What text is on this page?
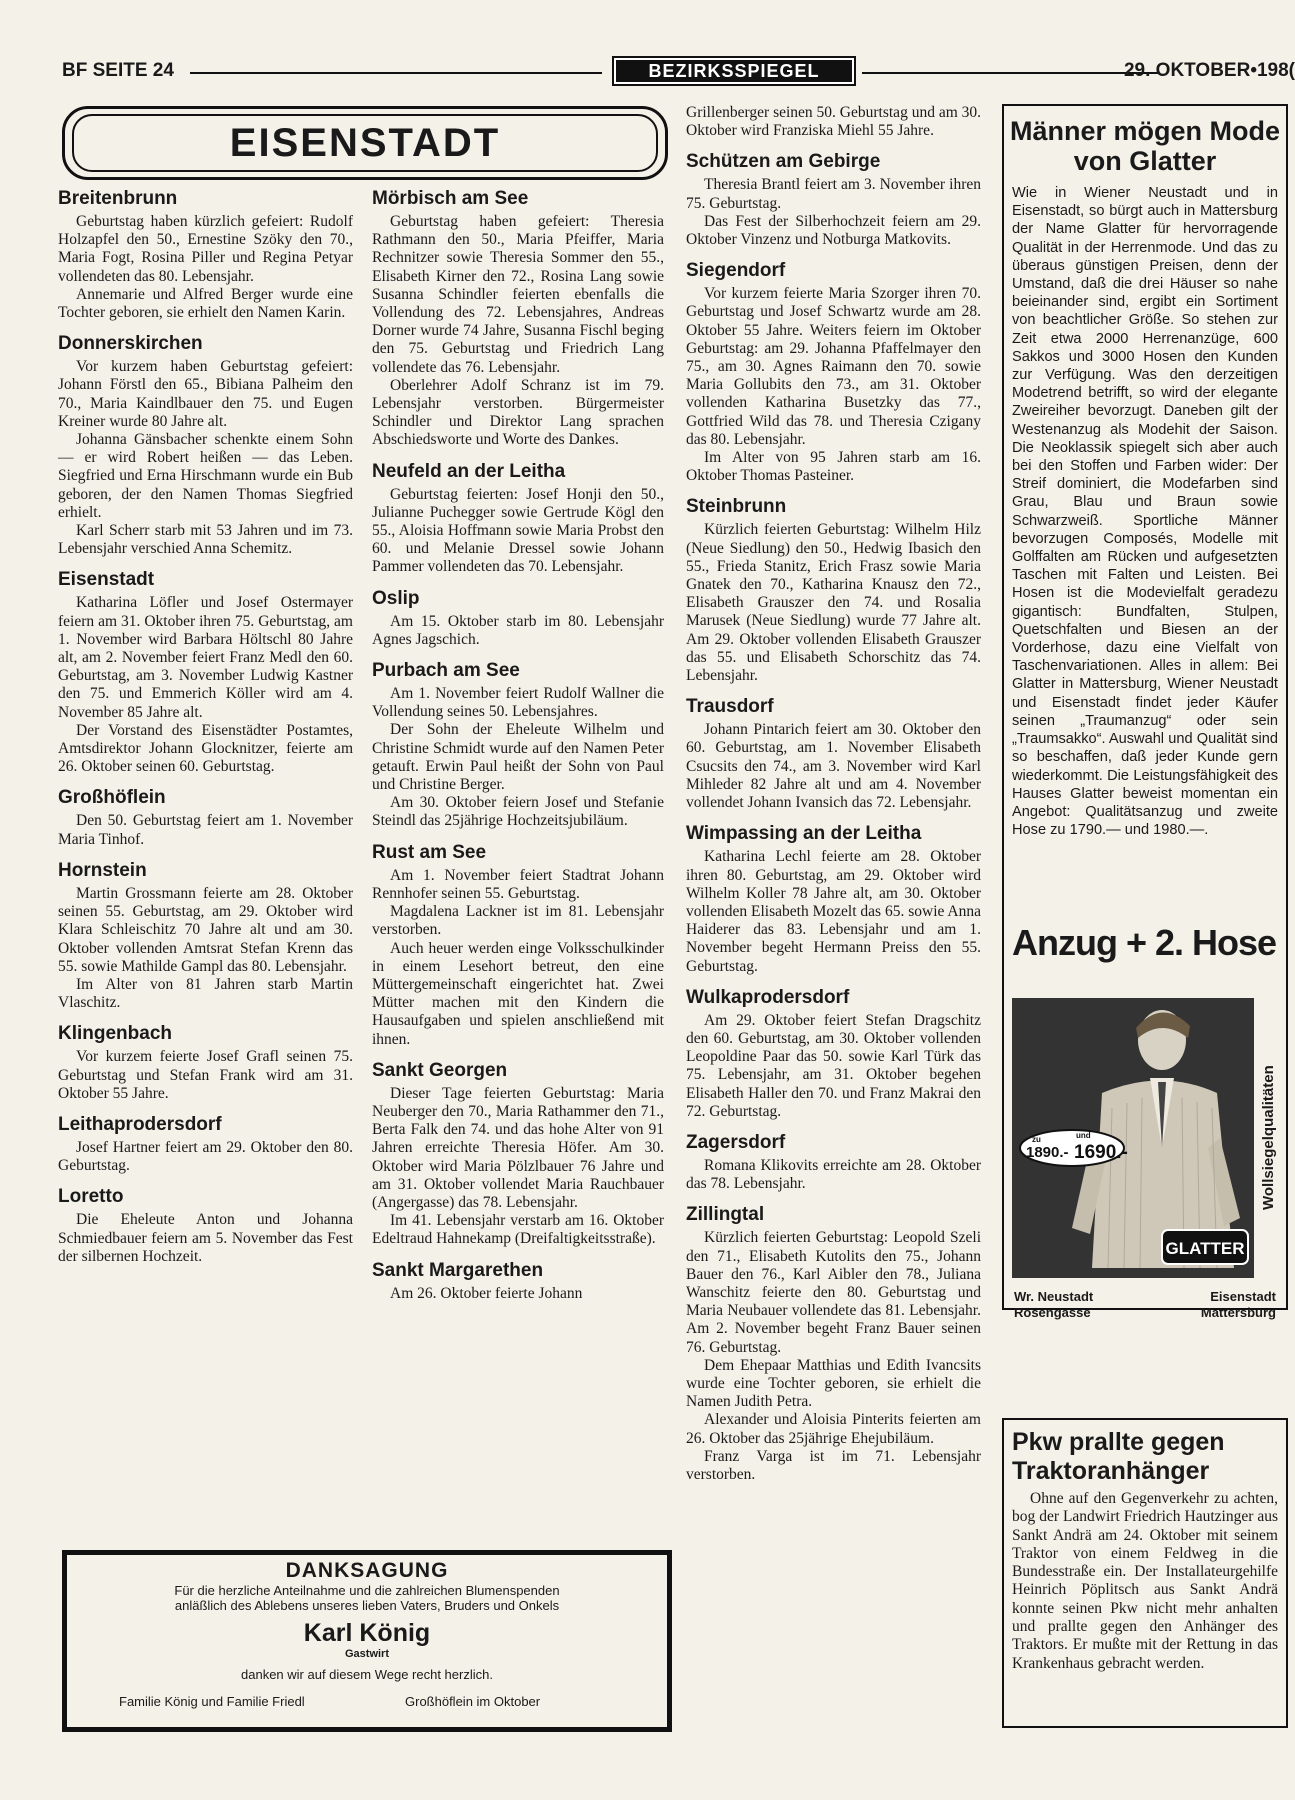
BF SEITE 24	BEZIRKSSPIEGEL	29. OKTOBER•198(
EISENSTADT
Breitenbrunn

Geburtstag haben kürzlich gefeiert: Rudolf Holzapfel den 50., Ernestine Szöky den 70., Maria Fogt, Rosina Piller und Regina Petyar vollendeten das 80. Lebensjahr.

Annemarie und Alfred Berger wurde eine Tochter geboren, sie erhielt den Namen Karin.

Donnerskirchen

Vor kurzem haben Geburtstag gefeiert: Johann Förstl den 65., Bibiana Palheim den 70., Maria Kaindlbauer den 75. und Eugen Kreiner wurde 80 Jahre alt.

Johanna Gänsbacher schenkte einem Sohn — er wird Robert heißen — das Leben. Siegfried und Erna Hirschmann wurde ein Bub geboren, der den Namen Thomas Siegfried erhielt.

Karl Scherr starb mit 53 Jahren und im 73. Lebensjahr verschied Anna Schemitz.

Eisenstadt

Katharina Löfler und Josef Ostermayer feiern am 31. Oktober ihren 75. Geburtstag, am 1. November wird Barbara Höltschl 80 Jahre alt, am 2. November feiert Franz Medl den 60. Geburtstag, am 3. November Ludwig Kastner den 75. und Emmerich Köller wird am 4. November 85 Jahre alt.

Der Vorstand des Eisenstädter Postamtes, Amtsdirektor Johann Glocknitzer, feierte am 26. Oktober seinen 60. Geburtstag.

Großhöflein

Den 50. Geburtstag feiert am 1. November Maria Tinhof.

Hornstein

Martin Grossmann feierte am 28. Oktober seinen 55. Geburtstag, am 29. Oktober wird Klara Schleischitz 70 Jahre alt und am 30. Oktober vollenden Amtsrat Stefan Krenn das 55. sowie Mathilde Gampl das 80. Lebensjahr.

Im Alter von 81 Jahren starb Martin Vlaschitz.

Klingenbach

Vor kurzem feierte Josef Grafl seinen 75. Geburtstag und Stefan Frank wird am 31. Oktober 55 Jahre.

Leithaprodersdorf

Josef Hartner feiert am 29. Oktober den 80. Geburtstag.

Loretto

Die Eheleute Anton und Johanna Schmiedbauer feiern am 5. November das Fest der silbernen Hochzeit.

Mörbisch am See

Geburtstag haben gefeiert: Theresia Rathmann den 50., Maria Pfeiffer, Maria Rechnitzer sowie Theresia Sommer den 55., Elisabeth Kirner den 72., Rosina Lang sowie Susanna Schindler feierten ebenfalls die Vollendung des 72. Lebensjahres, Andreas Dorner wurde 74 Jahre, Susanna Fischl beging den 75. Geburtstag und Friedrich Lang vollendete das 76. Lebensjahr.

Oberlehrer Adolf Schranz ist im 79. Lebensjahr verstorben. Bürgermeister Schindler und Direktor Lang sprachen Abschiedsworte und Worte des Dankes.

Neufeld an der Leitha

Geburtstag feierten: Josef Honji den 50., Julianne Puchegger sowie Gertrude Kögl den 55., Aloisia Hoffmann sowie Maria Probst den 60. und Melanie Dressel sowie Johann Pammer vollendeten das 70. Lebensjahr.

Oslip

Am 15. Oktober starb im 80. Lebensjahr Agnes Jagschich.

Purbach am See

Am 1. November feiert Rudolf Wallner die Vollendung seines 50. Lebensjahres.

Der Sohn der Eheleute Wilhelm und Christine Schmidt wurde auf den Namen Peter getauft. Erwin Paul heißt der Sohn von Paul und Christine Berger.

Am 30. Oktober feiern Josef und Stefanie Steindl das 25jährige Hochzeitsjubiläum.

Rust am See

Am 1. November feiert Stadtrat Johann Rennhofer seinen 55. Geburtstag.

Magdalena Lackner ist im 81. Lebensjahr verstorben.

Auch heuer werden einge Volksschulkinder in einem Lesehort betreut, den eine Müttergemeinschaft eingerichtet hat. Zwei Mütter machen mit den Kindern die Hausaufgaben und spielen anschließend mit ihnen.

Sankt Georgen

Dieser Tage feierten Geburtstag: Maria Neuberger den 70., Maria Rathammer den 71., Berta Falk den 74. und das hohe Alter von 91 Jahren erreichte Theresia Höfer. Am 30. Oktober wird Maria Pölzlbauer 76 Jahre und am 31. Oktober vollendet Maria Rauchbauer (Angergasse) das 78. Lebensjahr.

Im 41. Lebensjahr verstarb am 16. Oktober Edeltraud Hahnekamp (Dreifaltigkeitsstraße).

Sankt Margarethen

Am 26. Oktober feierte Johann

Grillenberger seinen 50. Geburtstag und am 30. Oktober wird Franziska Miehl 55 Jahre.

Schützen am Gebirge

Theresia Brantl feiert am 3. November ihren 75. Geburtstag.

Das Fest der Silberhochzeit feiern am 29. Oktober Vinzenz und Notburga Matkovits.

Siegendorf

Vor kurzem feierte Maria Szorger ihren 70. Geburtstag und Josef Schwartz wurde am 28. Oktober 55 Jahre. Weiters feiern im Oktober Geburtstag: am 29. Johanna Pfaffelmayer den 75., am 30. Agnes Raimann den 70. sowie Maria Gollubits den 73., am 31. Oktober vollenden Katharina Busetzky das 77., Gottfried Wild das 78. und Theresia Czigany das 80. Lebensjahr.

Im Alter von 95 Jahren starb am 16. Oktober Thomas Pasteiner.

Steinbrunn

Kürzlich feierten Geburtstag: Wilhelm Hilz (Neue Siedlung) den 50., Hedwig Ibasich den 55., Frieda Stanitz, Erich Frasz sowie Maria Gnatek den 70., Katharina Knausz den 72., Elisabeth Grauszer den 74. und Rosalia Marusek (Neue Siedlung) wurde 77 Jahre alt. Am 29. Oktober vollenden Elisabeth Grauszer das 55. und Elisabeth Schorschitz das 74. Lebensjahr.

Trausdorf

Johann Pintarich feiert am 30. Oktober den 60. Geburtstag, am 1. November Elisabeth Csucsits den 74., am 3. November wird Karl Mihleder 82 Jahre alt und am 4. November vollendet Johann Ivansich das 72. Lebensjahr.

Wimpassing an der Leitha

Katharina Lechl feierte am 28. Oktober ihren 80. Geburtstag, am 29. Oktober wird Wilhelm Koller 78 Jahre alt, am 30. Oktober vollenden Elisabeth Mozelt das 65. sowie Anna Haiderer das 83. Lebensjahr und am 1. November begeht Hermann Preiss den 55. Geburtstag.

Wulkaprodersdorf

Am 29. Oktober feiert Stefan Dragschitz den 60. Geburtstag, am 30. Oktober vollenden Leopoldine Paar das 50. sowie Karl Türk das 75. Lebensjahr, am 31. Oktober begehen Elisabeth Haller den 70. und Franz Makrai den 72. Geburtstag.

Zagersdorf

Romana Klikovits erreichte am 28. Oktober das 78. Lebensjahr.

Zillingtal

Kürzlich feierten Geburtstag: Leopold Szeli den 71., Elisabeth Kutolits den 75., Johann Bauer den 76., Karl Aibler den 78., Juliana Wanschitz feierte den 80. Geburtstag und Maria Neubauer vollendete das 81. Lebensjahr. Am 2. November begeht Franz Bauer seinen 76. Geburtstag.

Dem Ehepaar Matthias und Edith Ivancsits wurde eine Tochter geboren, sie erhielt die Namen Judith Petra.

Alexander und Aloisia Pinterits feierten am 26. Oktober das 25jährige Ehejubiläum.

Franz Varga ist im 71. Lebensjahr verstorben.

DANKSAGUNG
Für die herzliche Anteilnahme und die zahlreichen Blumenspenden
anläßlich des Ablebens unseres lieben Vaters, Bruders und Onkels
Karl König
Gastwirt
danken wir auf diesem Wege recht herzlich.
Familie König und Familie Friedl	Großhöflein im Oktober
Männer mögen Mode von Glatter
Wie in Wiener Neustadt und in Eisenstadt, so bürgt auch in Mattersburg der Name Glatter für hervorragende Qualität in der Herrenmode. Und das zu überaus günstigen Preisen, denn der Umstand, daß die drei Häuser so nahe beieinander sind, ergibt ein Sortiment von beachtlicher Größe. So stehen zur Zeit etwa 2000 Herrenanzüge, 600 Sakkos und 3000 Hosen den Kunden zur Verfügung. Was den derzeitigen Modetrend betrifft, so wird der elegante Zweireiher bevorzugt. Daneben gilt der Westenanzug als Modehit der Saison. Die Neoklassik spiegelt sich aber auch bei den Stoffen und Farben wider: Der Streif dominiert, die Modefarben sind Grau, Blau und Braun sowie Schwarzweiß. Sportliche Männer bevorzugen Composés, Modelle mit Golffalten am Rücken und aufgesetzten Taschen mit Falten und Leisten. Bei Hosen ist die Modevielfalt geradezu gigantisch: Bundfalten, Stulpen, Quetschfalten und Biesen an der Vorderhose, dazu eine Vielfalt von Taschenvariationen. Alles in allem: Bei Glatter in Mattersburg, Wiener Neustadt und Eisenstadt findet jeder Käufer seinen „Traumanzug“ oder sein „Traumsakko“. Auswahl und Qualität sind so beschaffen, daß jeder Kunde gern wiederkommt. Die Leistungsfähigkeit des Hauses Glatter beweist momentan ein Angebot: Qualitätsanzug und zweite Hose zu 1790.— und 1980.—.
Anzug + 2. Hose
GLATTER
zu	und
1890.- 1690.-	Wollsiegelqualitäten
Wr. Neustadt
Rosengasse
Eisenstadt
Mattersburg
Pkw prallte gegen Traktoranhänger
Ohne auf den Gegenverkehr zu achten, bog der Landwirt Friedrich Hautzinger aus Sankt Andrä am 24. Oktober mit seinem Traktor von einem Feldweg in die Bundesstraße ein. Der Installateurgehilfe Heinrich Pöplitsch aus Sankt Andrä konnte seinen Pkw nicht mehr anhalten und prallte gegen den Anhänger des Traktors. Er mußte mit der Rettung in das Krankenhaus gebracht werden.
